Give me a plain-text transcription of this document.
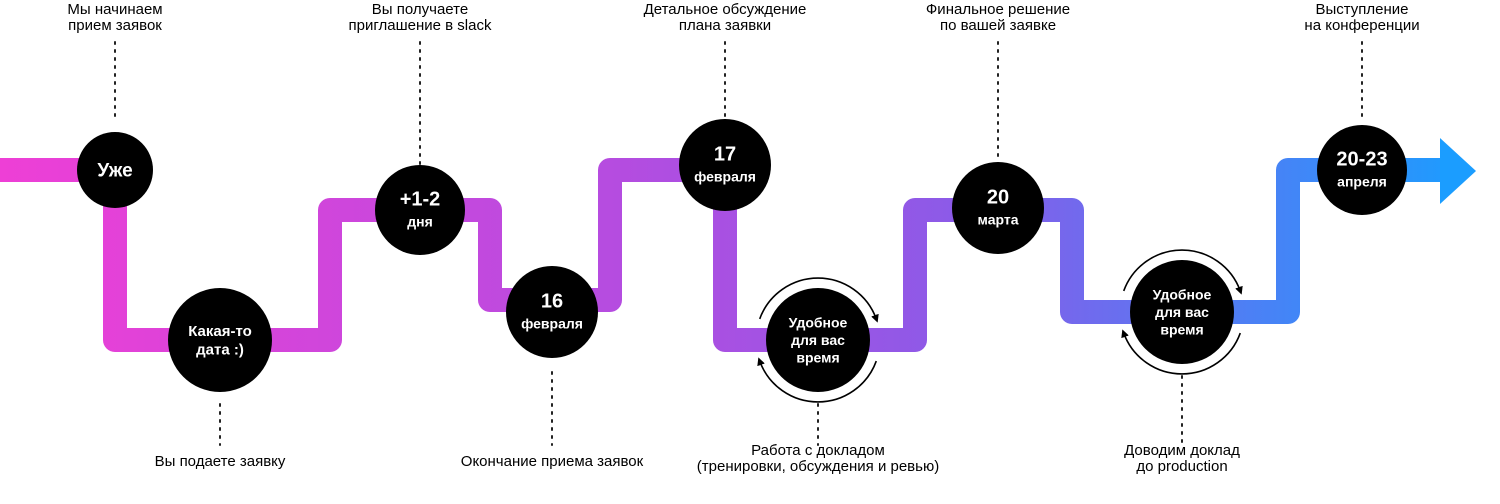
Уже
Мы начинаем
прием заявок
Какая-то
дата :)
Вы подаете заявку
+1-2
дня
Вы получаете
приглашение в slack
16
февраля
Окончание приема заявок
17
февраля
Детальное обсуждение
плана заявки
Удобное
для вас
время
Работа с докладом
(тренировки, обсуждения и ревью)
20
марта
Финальное решение
по вашей заявке
Удобное
для вас
время
Доводим доклад
до production
20-23
апреля
Выступление
на конференции
